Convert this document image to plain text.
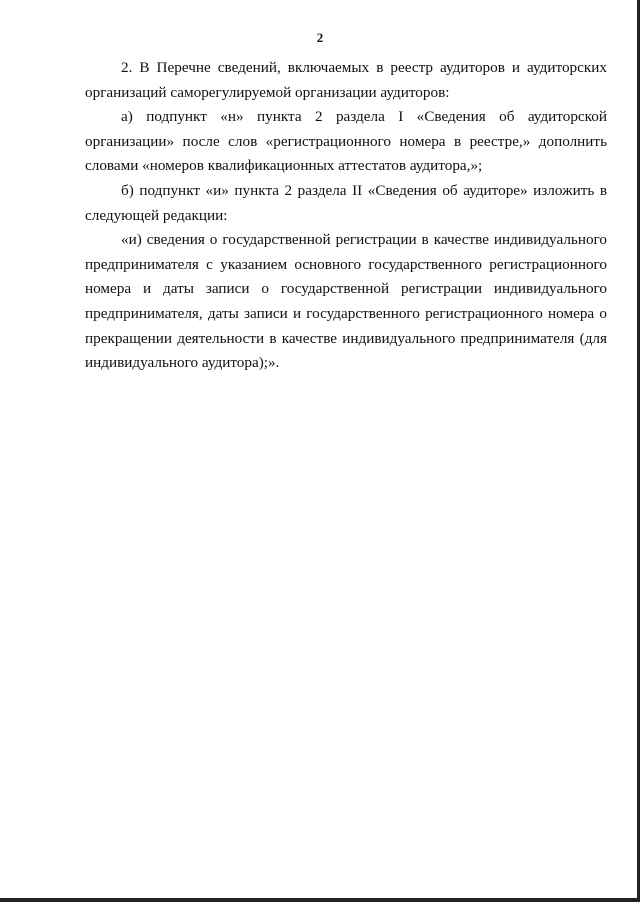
2

2. В Перечне сведений, включаемых в реестр аудиторов и аудиторских организаций саморегулируемой организации аудиторов:

а) подпункт «н» пункта 2 раздела I «Сведения об аудиторской организации» после слов «регистрационного номера в реестре,» дополнить словами «номеров квалификационных аттестатов аудитора,»;

б) подпункт «и» пункта 2 раздела II «Сведения об аудиторе» изложить в следующей редакции:

«и) сведения о государственной регистрации в качестве индивидуального предпринимателя с указанием основного государственного регистрационного номера и даты записи о государственной регистрации индивидуального предпринимателя, даты записи и государственного регистрационного номера о прекращении деятельности в качестве индивидуального предпринимателя (для индивидуального аудитора);».
